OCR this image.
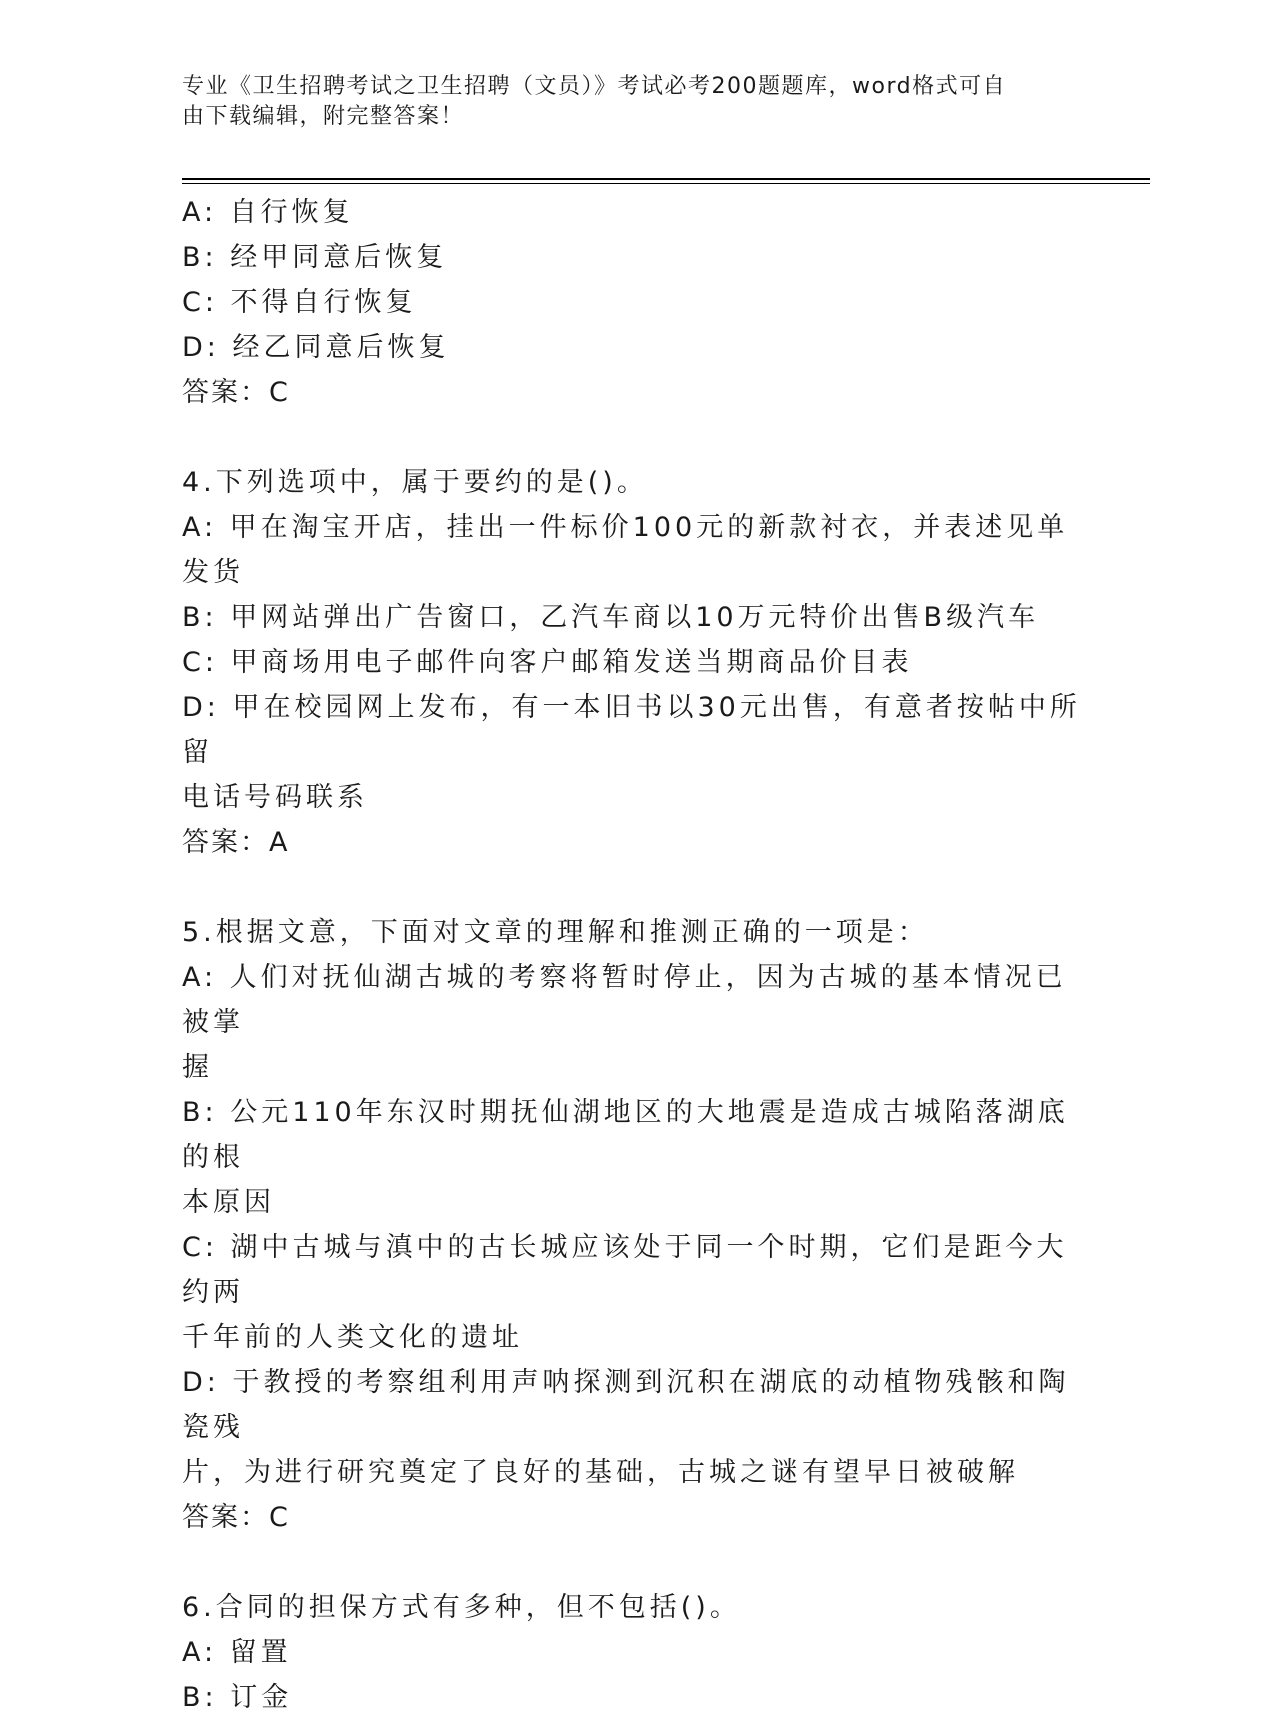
专业《卫生招聘考试之卫生招聘（文员）》考试必考200题题库，word格式可自
由下载编辑，附完整答案！
A: 自行恢复
B: 经甲同意后恢复
C: 不得自行恢复
D: 经乙同意后恢复
答案：C
4.下列选项中，属于要约的是()。
A: 甲在淘宝开店，挂出一件标价100元的新款衬衣，并表述见单发货
B: 甲网站弹出广告窗口，乙汽车商以10万元特价出售B级汽车
C: 甲商场用电子邮件向客户邮箱发送当期商品价目表
D: 甲在校园网上发布，有一本旧书以30元出售，有意者按帖中所留
电话号码联系
答案：A
5.根据文意，下面对文章的理解和推测正确的一项是：
A: 人们对抚仙湖古城的考察将暂时停止，因为古城的基本情况已被掌
握
B: 公元110年东汉时期抚仙湖地区的大地震是造成古城陷落湖底的根
本原因
C: 湖中古城与滇中的古长城应该处于同一个时期，它们是距今大约两
千年前的人类文化的遗址
D: 于教授的考察组利用声呐探测到沉积在湖底的动植物残骸和陶瓷残
片，为进行研究奠定了良好的基础，古城之谜有望早日被破解
答案：C
6.合同的担保方式有多种，但不包括()。
A: 留置
B: 订金
